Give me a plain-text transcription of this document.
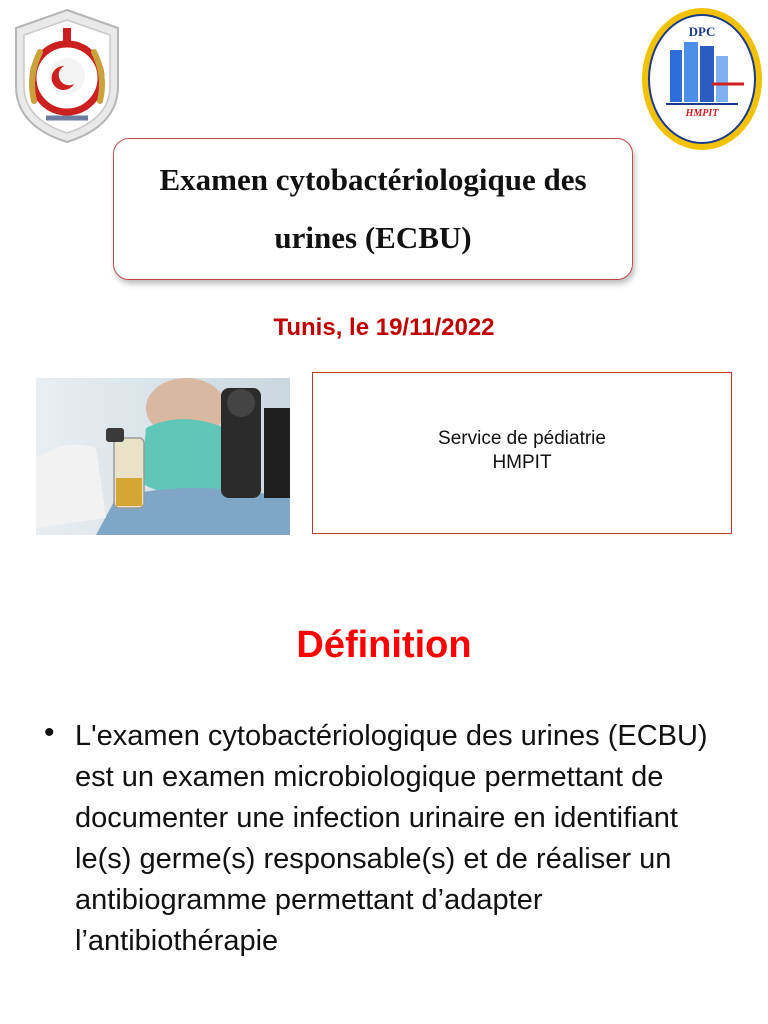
DPC
HMPIT
Examen cytobactériologique des urines (ECBU)
Tunis, le 19/11/2022
Service de pédiatrie
HMPIT
Définition
• L'examen cytobactériologique des urines (ECBU) est un examen microbiologique permettant de documenter une infection urinaire en identifiant le(s) germe(s) responsable(s) et de réaliser un antibiogramme permettant d’adapter l’antibiothérapie
